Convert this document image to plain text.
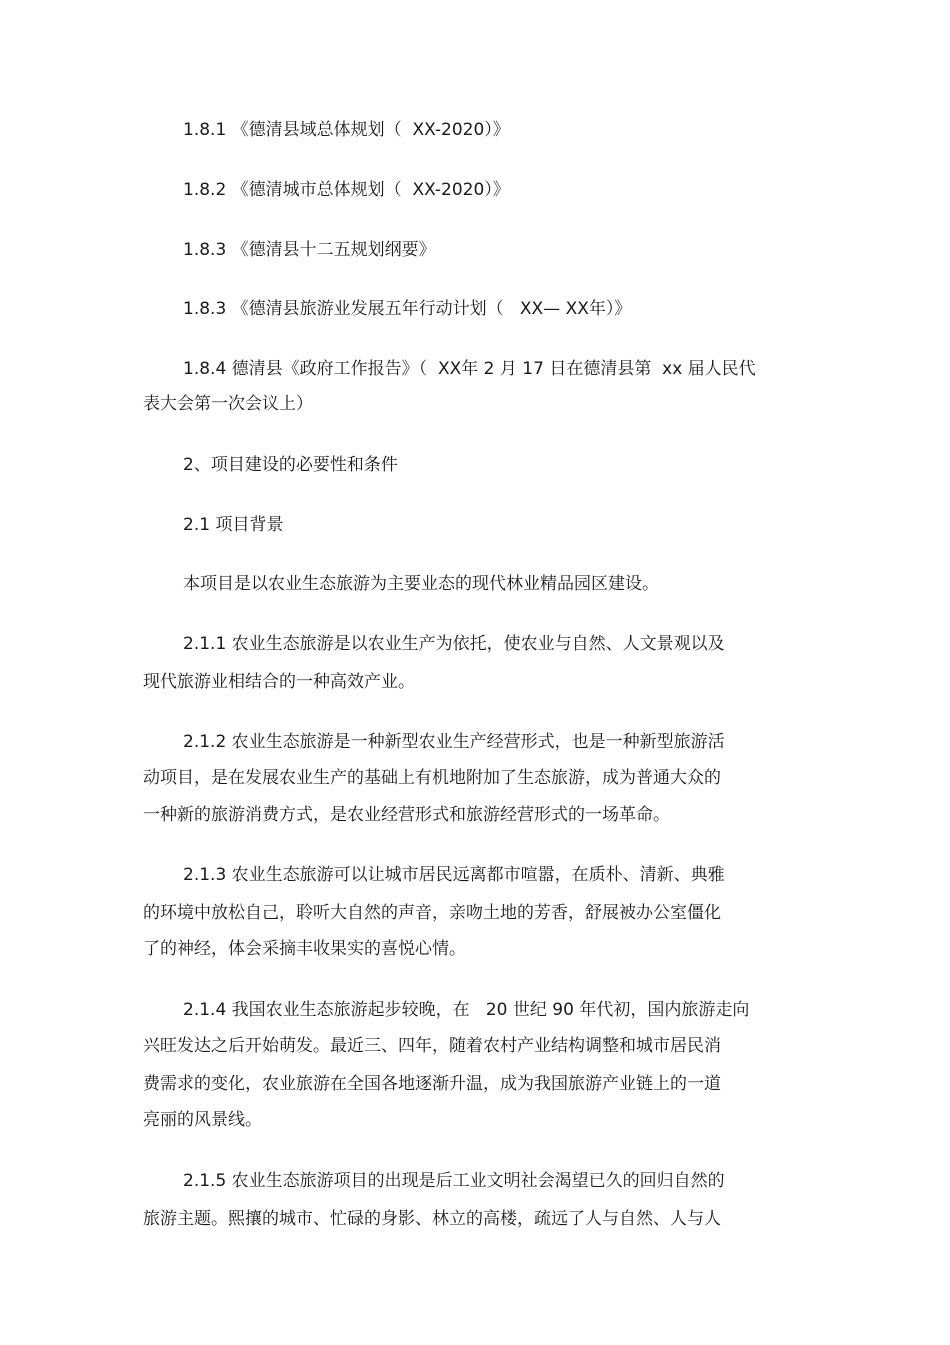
1.8.1 《德清县域总体规划（  XX-2020）》

1.8.2 《德清城市总体规划（  XX-2020）》

1.8.3 《德清县十二五规划纲要》

1.8.3 《德清县旅游业发展五年行动计划（   XX— XX年）》

1.8.4 德清县《政府工作报告》（  XX年 2 月 17 日在德清县第  xx 届人民代

表大会第一次会议上）

2、项目建设的必要性和条件

2.1 项目背景

本项目是以农业生态旅游为主要业态的现代林业精品园区建设。

2.1.1 农业生态旅游是以农业生产为依托，使农业与自然、人文景观以及

现代旅游业相结合的一种高效产业。

2.1.2 农业生态旅游是一种新型农业生产经营形式，也是一种新型旅游活

动项目，是在发展农业生产的基础上有机地附加了生态旅游，成为普通大众的

一种新的旅游消费方式，是农业经营形式和旅游经营形式的一场革命。

2.1.3 农业生态旅游可以让城市居民远离都市喧嚣，在质朴、清新、典雅

的环境中放松自己，聆听大自然的声音，亲吻土地的芳香，舒展被办公室僵化

了的神经，体会采摘丰收果实的喜悦心情。

2.1.4 我国农业生态旅游起步较晚，在   20 世纪 90 年代初，国内旅游走向

兴旺发达之后开始萌发。最近三、四年，随着农村产业结构调整和城市居民消

费需求的变化，农业旅游在全国各地逐渐升温，成为我国旅游产业链上的一道

亮丽的风景线。

2.1.5 农业生态旅游项目的出现是后工业文明社会渴望已久的回归自然的

旅游主题。熙攘的城市、忙碌的身影、林立的高楼，疏远了人与自然、人与人
